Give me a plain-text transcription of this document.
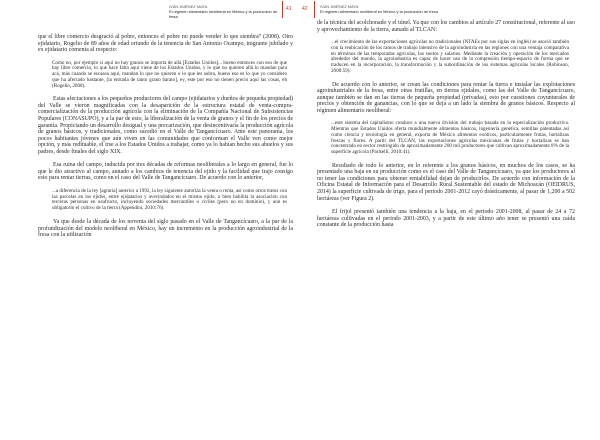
IVÁN JIMÉNEZ MAYA
El régimen alimentario neoliberal en México y la producción de fresa
41

que el libre comercio desgració al pobre, entonces el pobre no puede vender lo que siembra” (2008). Otro ejidatario, Rogelio de 89 años de edad oriundo de la tenencia de San Antonio Ocampo, inigrante jubilado y ex ejidatario comenta al respecto:

Como no, por ejemplo si aquí no hay granos se importa de allá [Estados Unidos]... bueno entonces con eso de que hay libre comercio, lo que hace falta aquí viene de los Estados Unidos, y lo que no quieren allá lo mandan para acá, más cuando se escasea aquí, mandan lo que no quieren o lo que les sobra, bueno eso es lo que yo considero que ha afectado bastante, [la entrada de tanto grano barato], ey, este por eso no tienen precio aquí las cosas, eh (Rogelio, 2008).

Estas afectaciones a los pequeños productores del campo (ejidatarios y dueños de pequeña propiedad) del Valle se vieron magnificadas con la desaparición de la estructura estatal de venta-compra-comercialización de la producción agrícola con la eliminación de la Compañía Nacional de Subsistencias Populares (CONASUPO), y a la par de esto, la liberalización de la venta de granos y el fin de los precios de garantía. Propiciando un desarrollo desigual y una precarización, que desincentivaría la producción agrícola de granos básicos, y tradicionales, como sucedió en el Valle de Tangancícuaro. Ante este panorama, los pocos habitantes jóvenes que aún viven en las comunidades que conforman el Valle ven como mejor opción, y más redituable, el irse a los Estados Unidos a trabajar, como ya lo habían hecho sus abuelos y sus padres, desde finales del siglo XIX.

Esa ruina del campo, inducida por tres décadas de reformas neoliberales a lo largo en general, fue lo que le dio atractivo al campo, aunado a los cambios de tenencia del ejido y la facilidad que trajo consigo esto para rentar tierras, como en el caso del Valle de Tangancícuaro. De acuerdo con lo anterior,

...a diferencia de la ley [agraria] anterior a 1992, la ley siguiente autoriza la venta o renta, así como otros tratos con las parcelas en los ejidos, entre ejidatarios y avecindados en el mismo ejido, o bien habilita la asociación con terceras personas en usufructo, incluyendo sociedades mercantiles o civiles (pero no en dominio), y aun es obligatorio el cultivo de la tierra (Appendini, 2010:76).

Ya que desde la década de los noventa del siglo pasado en el Valle de Tangancícuaro, a la par de la profundización del modelo neoliberal en México, hay un incremento en la producción agroindustrial de la fresa con la utilización

42	IVÁN JIMÉNEZ MAYA
El régimen alimentario neoliberal en México y la producción de fresa

de la técnica del acolchonado y el túnel. Ya que con los cambios al artículo 27 constitucional, referente al uso y aprovechamiento de la tierra, aunado al TLCAN:

...el crecimiento de las exportaciones agrícolas no tradicionales (NTAEs por sus siglas en inglés) se asoció también con la reubicación de los ramos de trabajo intensivo de la agroindustria en las regiones con una ventaja comparativa en términos de las temporadas agrícolas, los suelos y salarios. Mediante la creación y operación de los mercados alrededor del mundo, la agroindustria es capaz de hacer uso de la compresión tiempo-espacio de forma que se traducen en la incorporación, la transformación y la subordinación de los sistemas agrícolas locales (Robinson, 2008:59).

De acuerdo con lo anterior, se crean las condiciones para rentar la tierra e instalar las explotaciones agroindustriales de la fresa, entre otras frutillas, en tierras ejidales, como las del Valle de Tangancícuaro, aunque también se dan en las tierras de pequeña propiedad (privadas), esto por cuestiones coyunturales de precios y obtención de ganancias, con lo que se deja a un lado la siembra de granos básicos. Respecto al régimen alimentario neoliberal:

...este sistema del capitalismo conduce a una nueva división del trabajo basada en la especialización productiva. Mientras que Estados Unidos oferta mundialmente alimentos básicos, ingeniería genética, semillas patentadas así como ciencia y tecnología en general, exporta de México alimentos exóticos, particularmente frutas, hortalizas frescas y flores. A partir del TLCAN, las exportaciones agrícolas mexicanas de frutas y hortalizas se han concentrado en sector restringido de aproximadamente 200 mil productores que cultivan aproximadamente 8% de la superficie agrícola (Pariselli, 2010:41).

Resultado de todo lo anterior, en lo referente a los granos básicos, en muchos de los casos, se ha presentado una baja en su producción como es el caso del Valle de Tangancícuaro, ya que los productores al no tener las condiciones para obtener rentabilidad dejan de producirlos. De acuerdo con información de la Oficina Estatal de Información para el Desarrollo Rural Sustentable del estado de Michoacán (OEIDRUS, 2014) la superficie cultivada de trigo, para el periodo 2001-2012 cayó drásticamente, al pasar de 1,200 a 502 hectáreas (ver Figura 2).

El frijol presentó también una tendencia a la baja, en el periodo 2001-2008, al pasar de 24 a 72 hectáreas cultivadas en el periodo 2001-2003, y a partir de este último año tener se presentó una caída constante de la producción hasta
